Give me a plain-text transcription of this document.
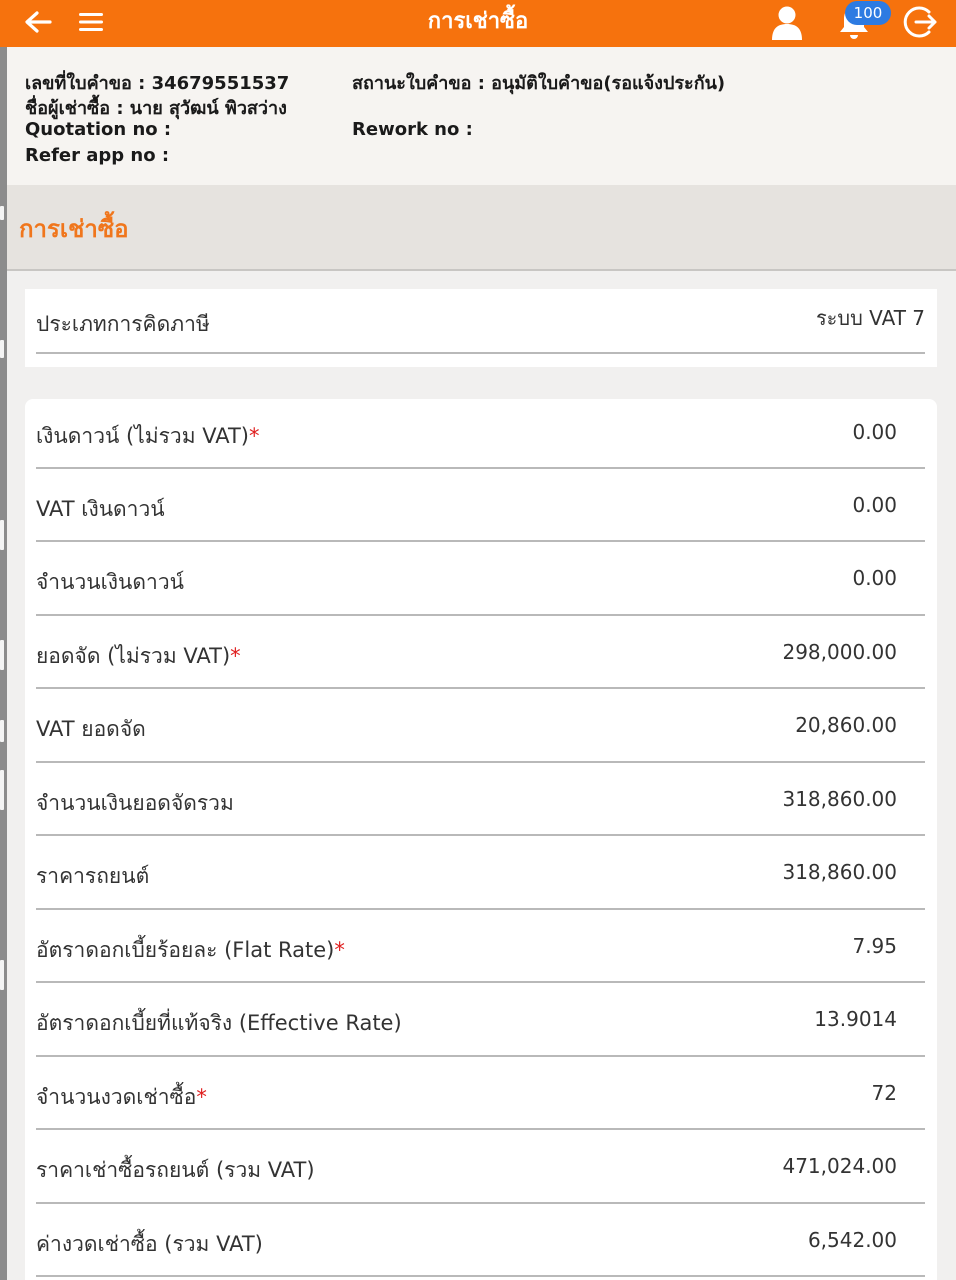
การเช่าซื้อ	100
เลขที่ใบคำขอ : 34679551537	สถานะใบคำขอ : อนุมัติใบคำขอ(รอแจ้งประกัน)
ชื่อผู้เช่าซื้อ : นาย สุวัฒน์ พิวสว่าง
Quotation no :	Rework no :
Refer app no :
การเช่าซื้อ
ประเภทการคิดภาษี	ระบบ VAT 7
เงินดาวน์ (ไม่รวม VAT)*	0.00
VAT เงินดาวน์	0.00
จำนวนเงินดาวน์	0.00
ยอดจัด (ไม่รวม VAT)*	298,000.00
VAT ยอดจัด	20,860.00
จำนวนเงินยอดจัดรวม	318,860.00
ราคารถยนต์	318,860.00
อัตราดอกเบี้ยร้อยละ (Flat Rate)*	7.95
อัตราดอกเบี้ยที่แท้จริง (Effective Rate)	13.9014
จำนวนงวดเช่าซื้อ*	72
ราคาเช่าซื้อรถยนต์ (รวม VAT)	471,024.00
ค่างวดเช่าซื้อ (รวม VAT)	6,542.00
